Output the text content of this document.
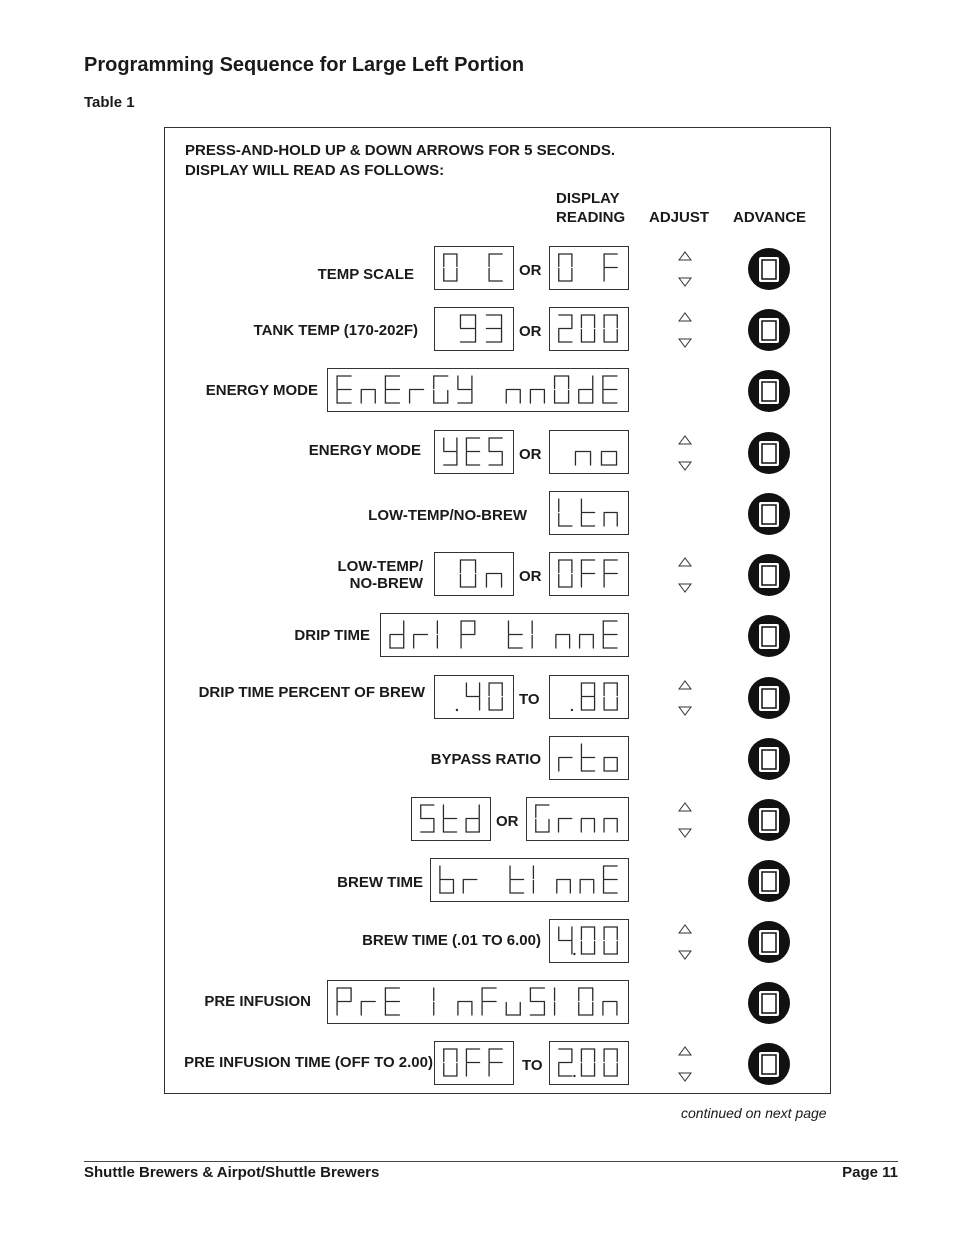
Programming Sequence for Large Left Portion
Table 1
PRESS-AND-HOLD UP & DOWN ARROWS FOR 5 SECONDS.
DISPLAY WILL READ AS FOLLOWS:
DISPLAY
READING ADJUST ADVANCE
TEMP SCALE	OR
TANK TEMP (170-202F)	OR
ENERGY MODE
ENERGY MODE	OR
LOW-TEMP/NO-BREW
LOW-TEMP/
NO-BREW	OR
DRIP TIME
DRIP TIME PERCENT OF BREW	TO
BYPASS RATIO
OR
BREW TIME
BREW TIME (.01 TO 6.00)
PRE INFUSION
PRE INFUSION TIME (OFF TO 2.00)	TO
continued on next page
Shuttle Brewers & Airpot/Shuttle Brewers	Page 11
